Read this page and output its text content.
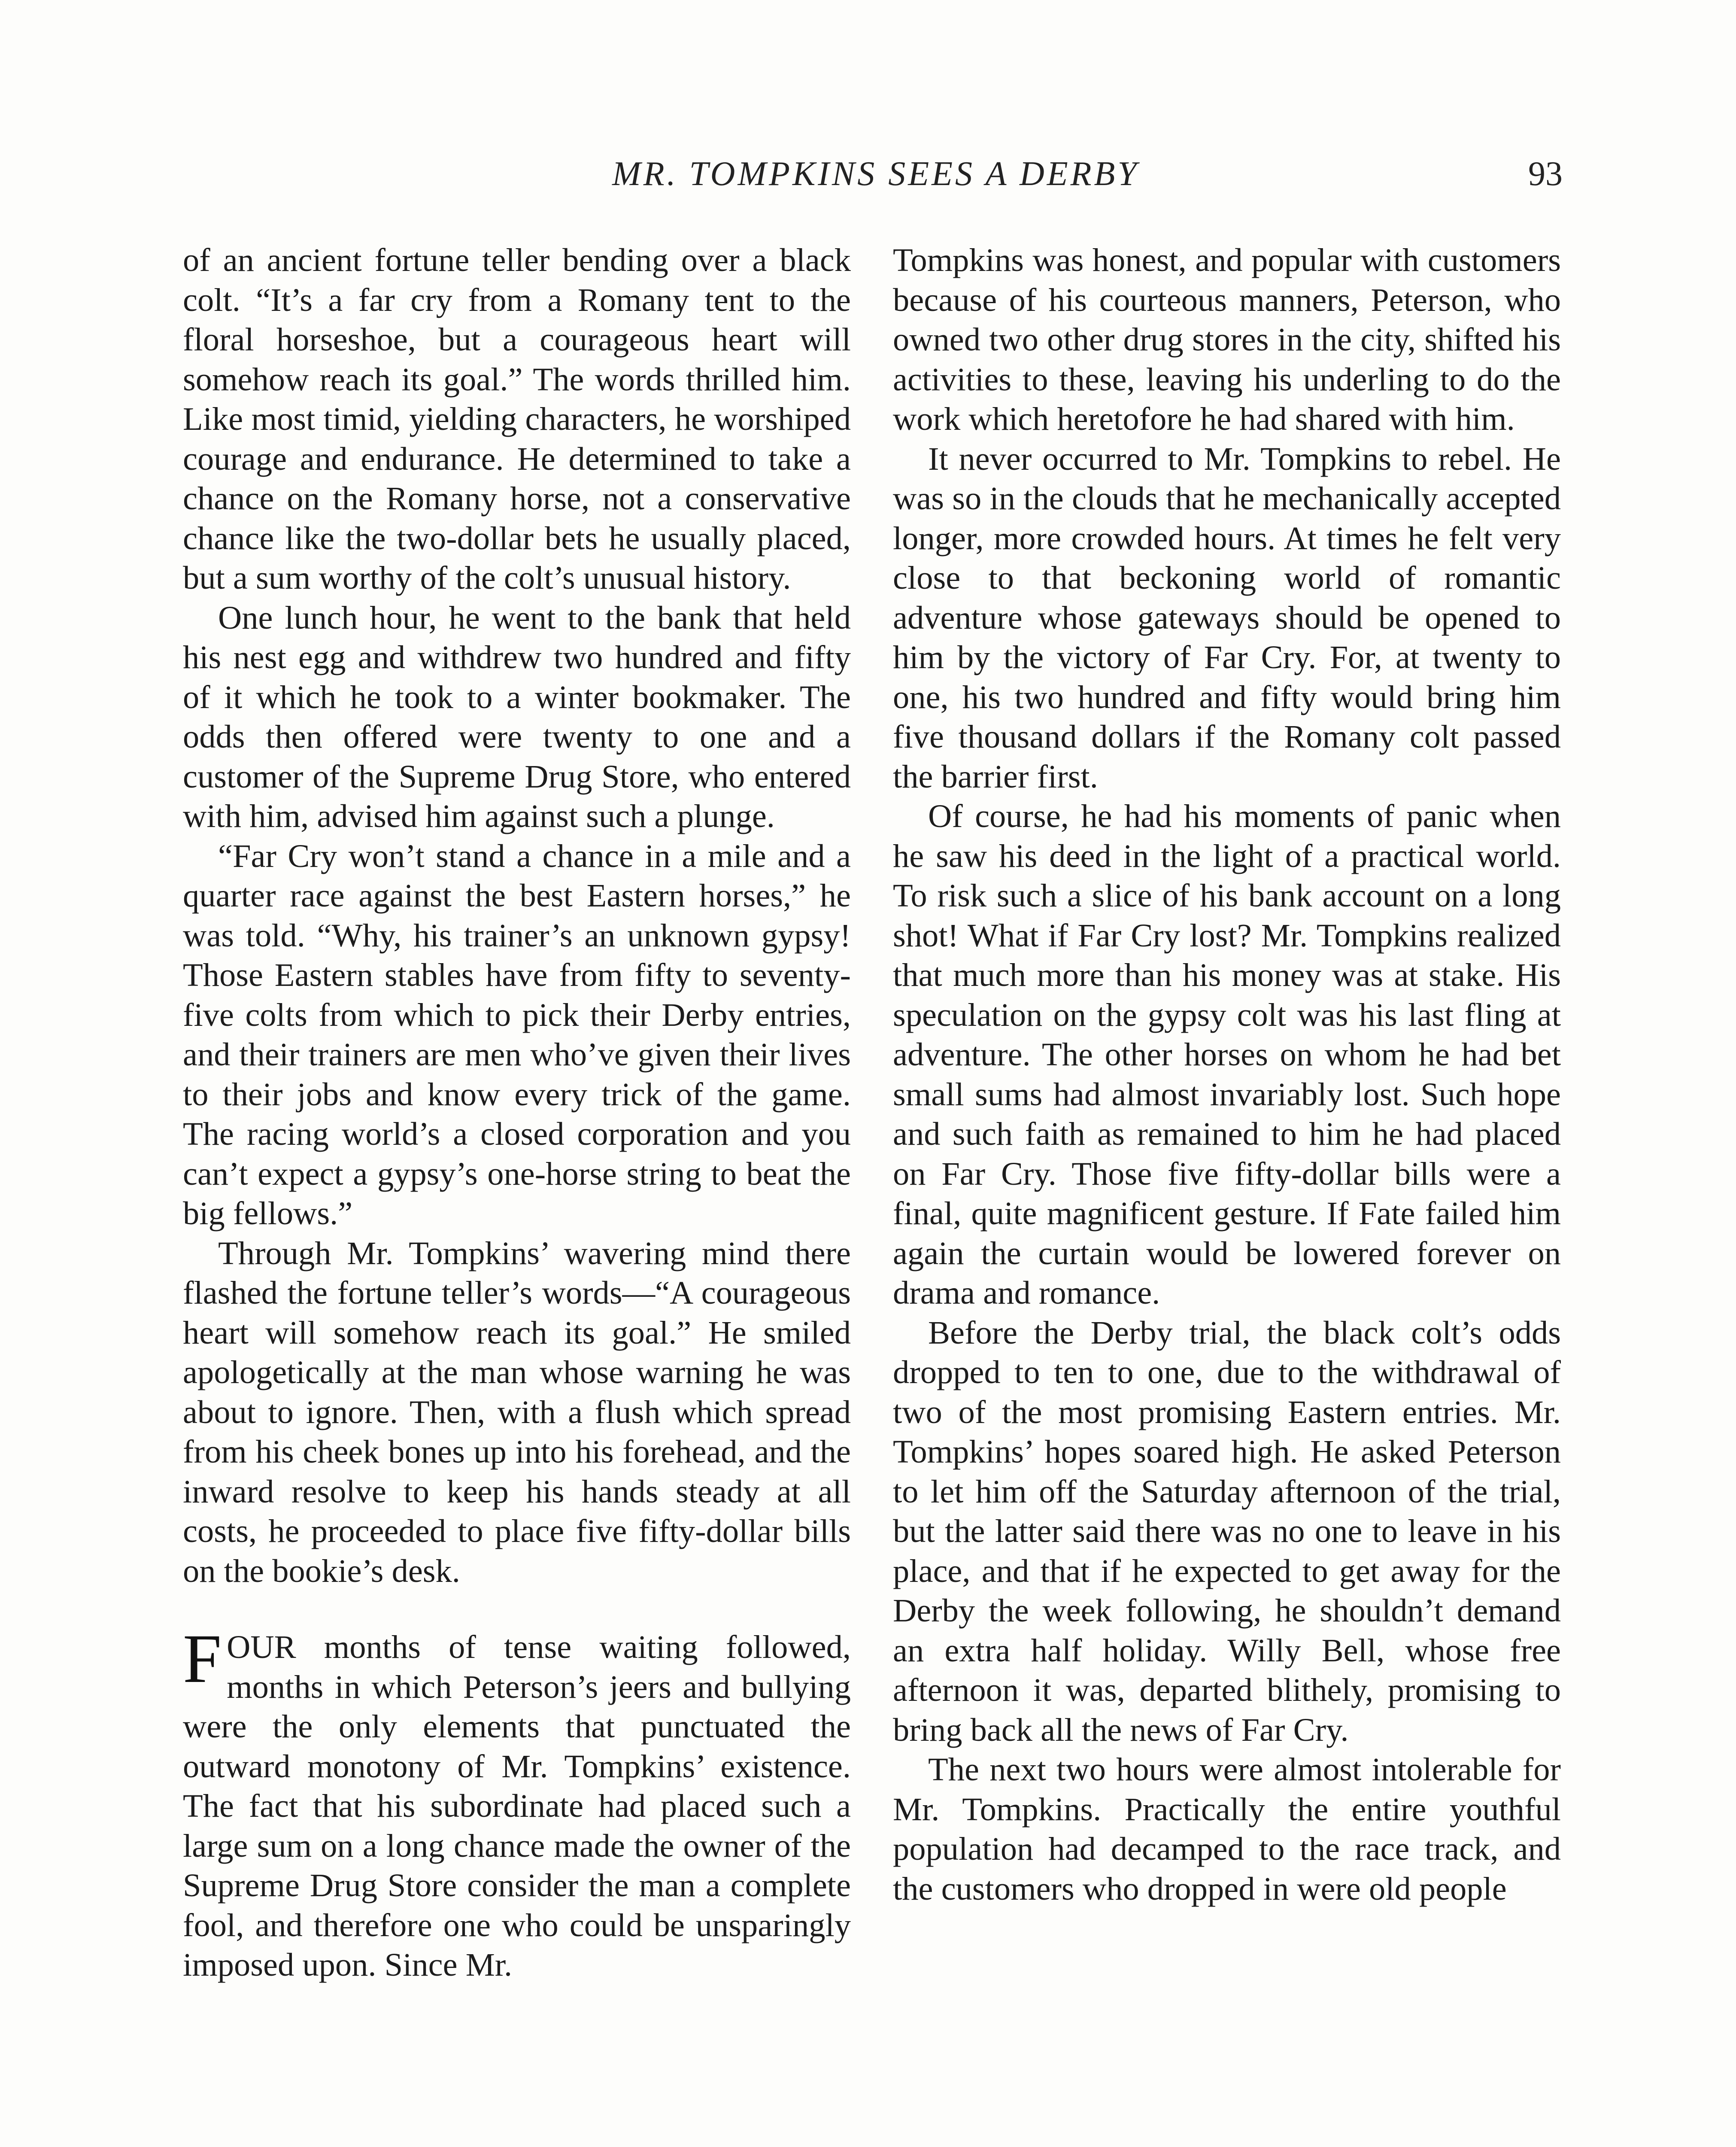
MR. TOMPKINS SEES A DERBY	93

of an ancient fortune teller bending over a black colt. “It’s a far cry from a Romany tent to the floral horseshoe, but a courageous heart will somehow reach its goal.” The words thrilled him. Like most timid, yielding characters, he worshiped courage and endurance. He determined to take a chance on the Romany horse, not a conservative chance like the two-dollar bets he usually placed, but a sum worthy of the colt’s unusual history.

One lunch hour, he went to the bank that held his nest egg and withdrew two hundred and fifty of it which he took to a winter bookmaker. The odds then offered were twenty to one and a customer of the Supreme Drug Store, who entered with him, advised him against such a plunge.

“Far Cry won’t stand a chance in a mile and a quarter race against the best Eastern horses,” he was told. “Why, his trainer’s an unknown gypsy! Those Eastern stables have from fifty to seventy-five colts from which to pick their Derby entries, and their trainers are men who’ve given their lives to their jobs and know every trick of the game. The racing world’s a closed corporation and you can’t expect a gypsy’s one-horse string to beat the big fellows.”

Through Mr. Tompkins’ wavering mind there flashed the fortune teller’s words—“A courageous heart will somehow reach its goal.” He smiled apologetically at the man whose warning he was about to ignore. Then, with a flush which spread from his cheek bones up into his forehead, and the inward resolve to keep his hands steady at all costs, he proceeded to place five fifty-dollar bills on the bookie’s desk.

FOUR months of tense waiting followed, months in which Peterson’s jeers and bullying were the only elements that punctuated the outward monotony of Mr. Tompkins’ existence. The fact that his subordinate had placed such a large sum on a long chance made the owner of the Supreme Drug Store consider the man a complete fool, and therefore one who could be unsparingly imposed upon. Since Mr.

Tompkins was honest, and popular with customers because of his courteous manners, Peterson, who owned two other drug stores in the city, shifted his activities to these, leaving his underling to do the work which heretofore he had shared with him.

It never occurred to Mr. Tompkins to rebel. He was so in the clouds that he mechanically accepted longer, more crowded hours. At times he felt very close to that beckoning world of romantic adventure whose gateways should be opened to him by the victory of Far Cry. For, at twenty to one, his two hundred and fifty would bring him five thousand dollars if the Romany colt passed the barrier first.

Of course, he had his moments of panic when he saw his deed in the light of a practical world. To risk such a slice of his bank account on a long shot! What if Far Cry lost? Mr. Tompkins realized that much more than his money was at stake. His speculation on the gypsy colt was his last fling at adventure. The other horses on whom he had bet small sums had almost invariably lost. Such hope and such faith as remained to him he had placed on Far Cry. Those five fifty-dollar bills were a final, quite magnificent gesture. If Fate failed him again the curtain would be lowered forever on drama and romance.

Before the Derby trial, the black colt’s odds dropped to ten to one, due to the withdrawal of two of the most promising Eastern entries. Mr. Tompkins’ hopes soared high. He asked Peterson to let him off the Saturday afternoon of the trial, but the latter said there was no one to leave in his place, and that if he expected to get away for the Derby the week following, he shouldn’t demand an extra half holiday. Willy Bell, whose free afternoon it was, departed blithely, promising to bring back all the news of Far Cry.

The next two hours were almost intolerable for Mr. Tompkins. Practically the entire youthful population had decamped to the race track, and the customers who dropped in were old people
